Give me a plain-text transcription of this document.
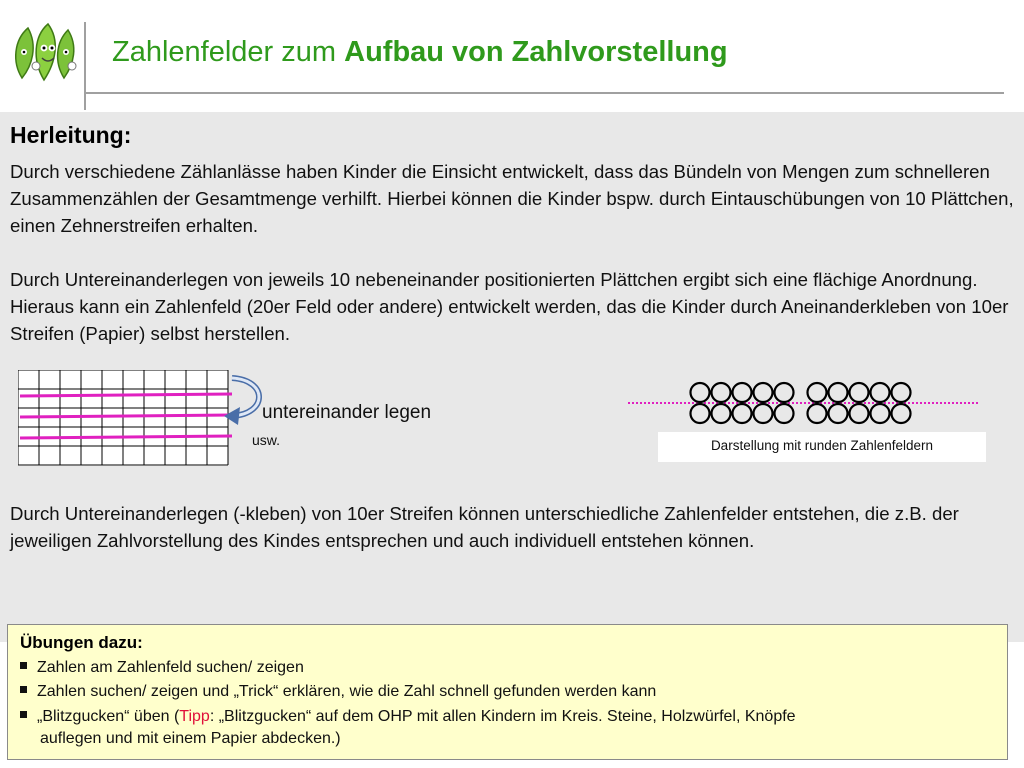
Zahlenfelder zum Aufbau von Zahlvorstellung
Herleitung:
Durch verschiedene Zählanlässe haben Kinder die Einsicht entwickelt, dass das Bündeln von Mengen zum schnelleren Zusammenzählen der Gesamtmenge verhilft. Hierbei können die Kinder bspw. durch Eintauschübungen von 10 Plättchen, einen Zehnerstreifen erhalten.
Durch Untereinanderlegen von jeweils 10 nebeneinander positionierten Plättchen ergibt sich eine flächige Anordnung. Hieraus kann ein Zahlenfeld (20er Feld oder andere) entwickelt werden, das die Kinder durch Aneinanderkleben von 10er Streifen (Papier) selbst herstellen.
untereinander legen
usw.	Darstellung mit runden Zahlenfeldern
Durch Untereinanderlegen (-kleben) von 10er Streifen können unterschiedliche Zahlenfelder entstehen, die z.B. der jeweiligen Zahlvorstellung des Kindes entsprechen und auch individuell entstehen können.
Übungen dazu:
Zahlen am Zahlenfeld suchen/ zeigen
Zahlen suchen/ zeigen und „Trick“ erklären, wie die Zahl schnell gefunden werden kann
„Blitzgucken“ üben (Tipp: „Blitzgucken“ auf dem OHP mit allen Kindern im Kreis. Steine, Holzwürfel, Knöpfe
auflegen und mit einem Papier abdecken.)
